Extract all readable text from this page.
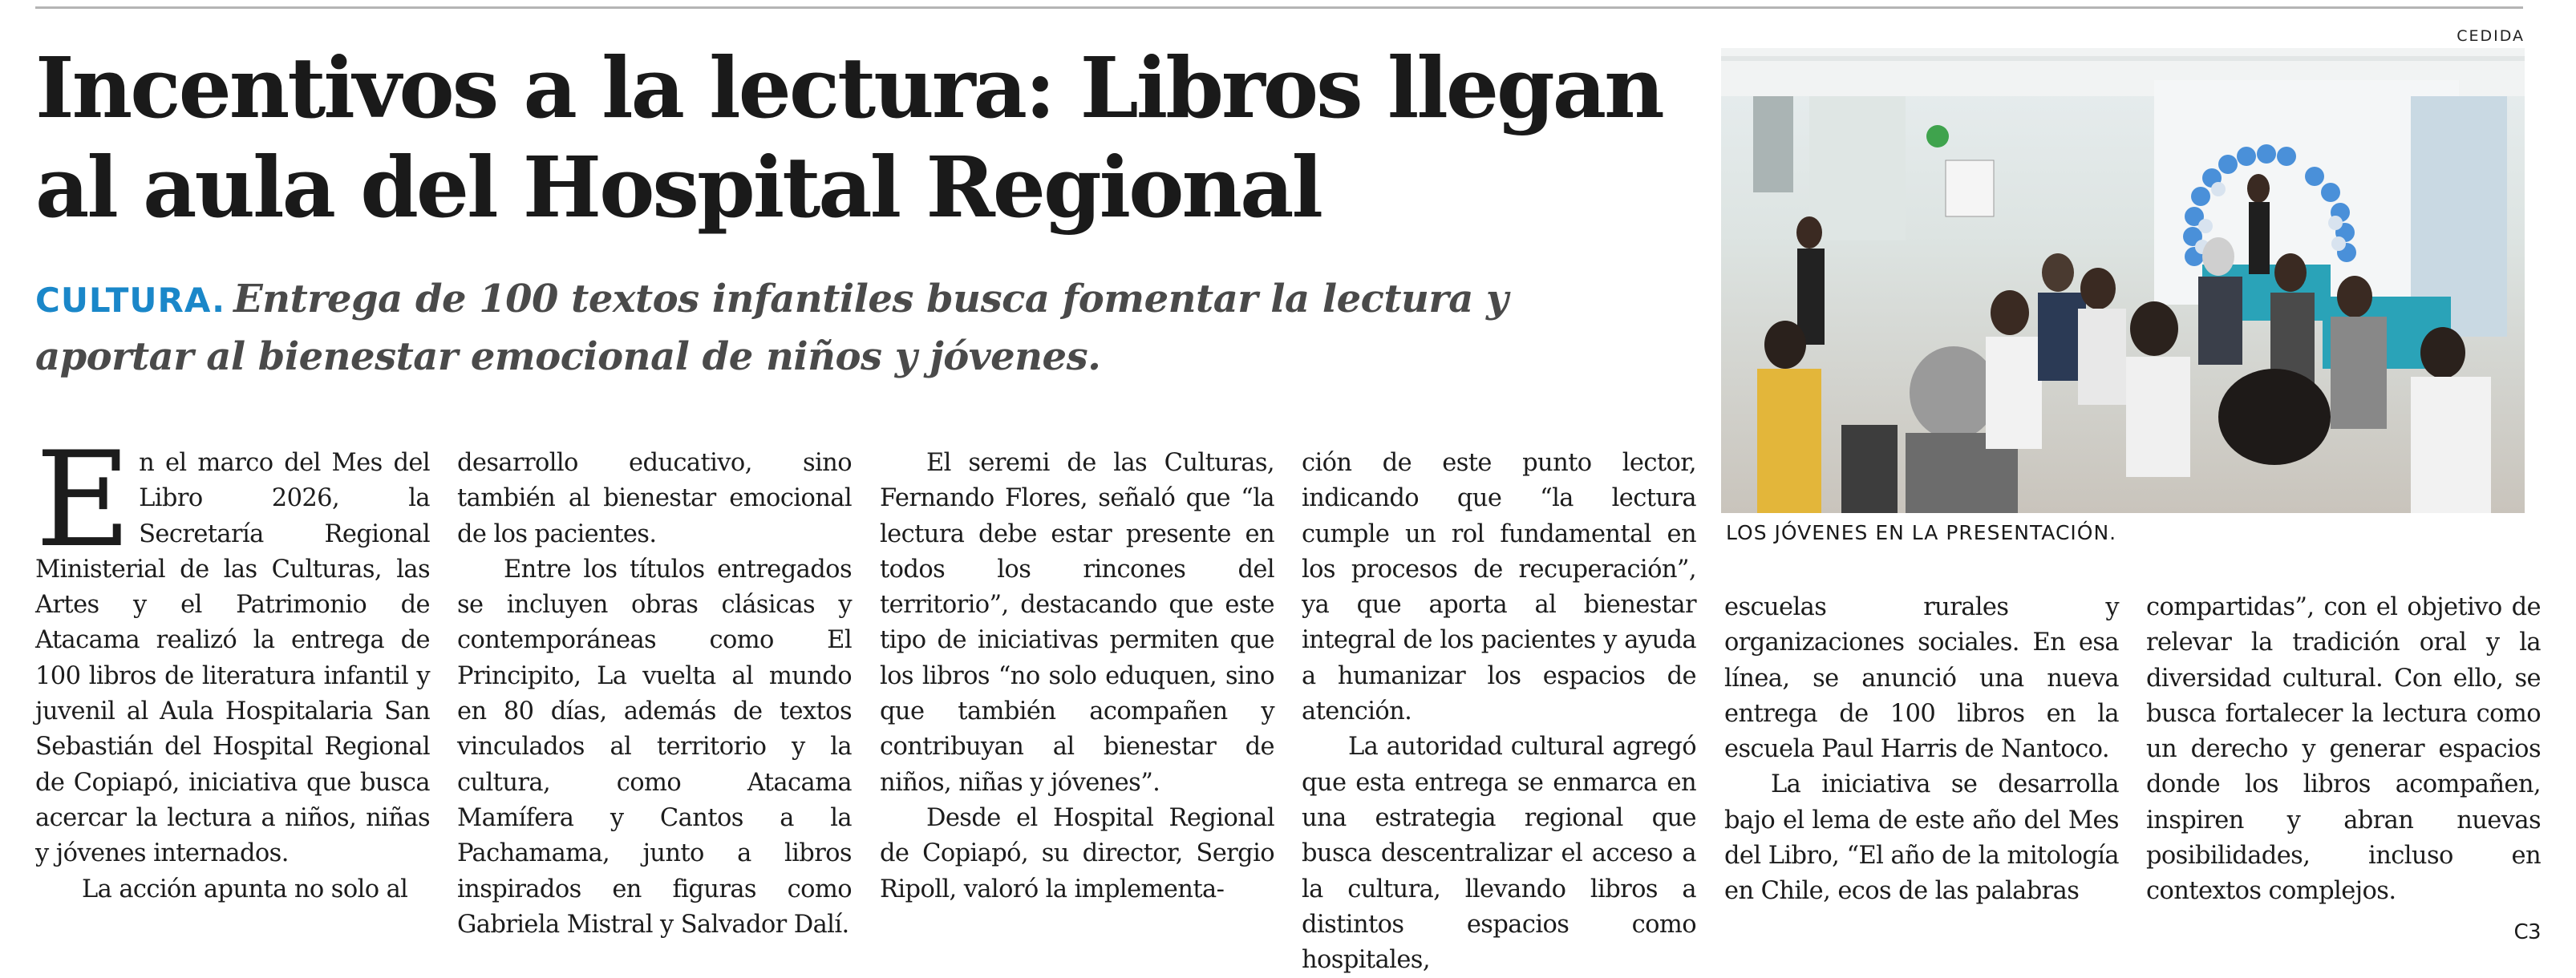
Incentivos a la lectura: Libros llegan al aula del Hospital Regional
CULTURA. Entrega de 100 textos infantiles busca fomentar la lectura y aportar al bienestar emocional de niños y jóvenes.
CEDIDA
LOS JÓVENES EN LA PRESENTACIÓN.

En el marco del Mes del Libro 2026, la Secretaría Regional Ministerial de las Culturas, las Artes y el Patrimonio de Atacama realizó la entrega de 100 libros de literatura infantil y juvenil al Aula Hospitalaria San Sebastián del Hospital Regional de Copiapó, iniciativa que busca acercar la lectura a niños, niñas y jóvenes internados.

La acción apunta no solo al

desarrollo educativo, sino también al bienestar emocional de los pacientes.

Entre los títulos entregados se incluyen obras clásicas y contemporáneas como El Principito, La vuelta al mundo en 80 días, además de textos vinculados al territorio y la cultura, como Atacama Mamífera y Cantos a la Pachamama, junto a libros inspirados en figuras como Gabriela Mistral y Salvador Dalí.

El seremi de las Culturas, Fernando Flores, señaló que “la lectura debe estar presente en todos los rincones del territorio”, destacando que este tipo de iniciativas permiten que los libros “no solo eduquen, sino que también acompañen y contribuyan al bienestar de niños, niñas y jóvenes”.

Desde el Hospital Regional de Copiapó, su director, Sergio Ripoll, valoró la implementa-

ción de este punto lector, indicando que “la lectura cumple un rol fundamental en los procesos de recuperación”, ya que aporta al bienestar integral de los pacientes y ayuda a humanizar los espacios de atención.

La autoridad cultural agregó que esta entrega se enmarca en una estrategia regional que busca descentralizar el acceso a la cultura, llevando libros a distintos espacios como hospitales,

escuelas rurales y organizaciones sociales. En esa línea, se anunció una nueva entrega de 100 libros en la escuela Paul Harris de Nantoco.

La iniciativa se desarrolla bajo el lema de este año del Mes del Libro, “El año de la mitología en Chile, ecos de las palabras

compartidas”, con el objetivo de relevar la tradición oral y la diversidad cultural. Con ello, se busca fortalecer la lectura como un derecho y generar espacios donde los libros acompañen, inspiren y abran nuevas posibilidades, incluso en contextos complejos.

C3
